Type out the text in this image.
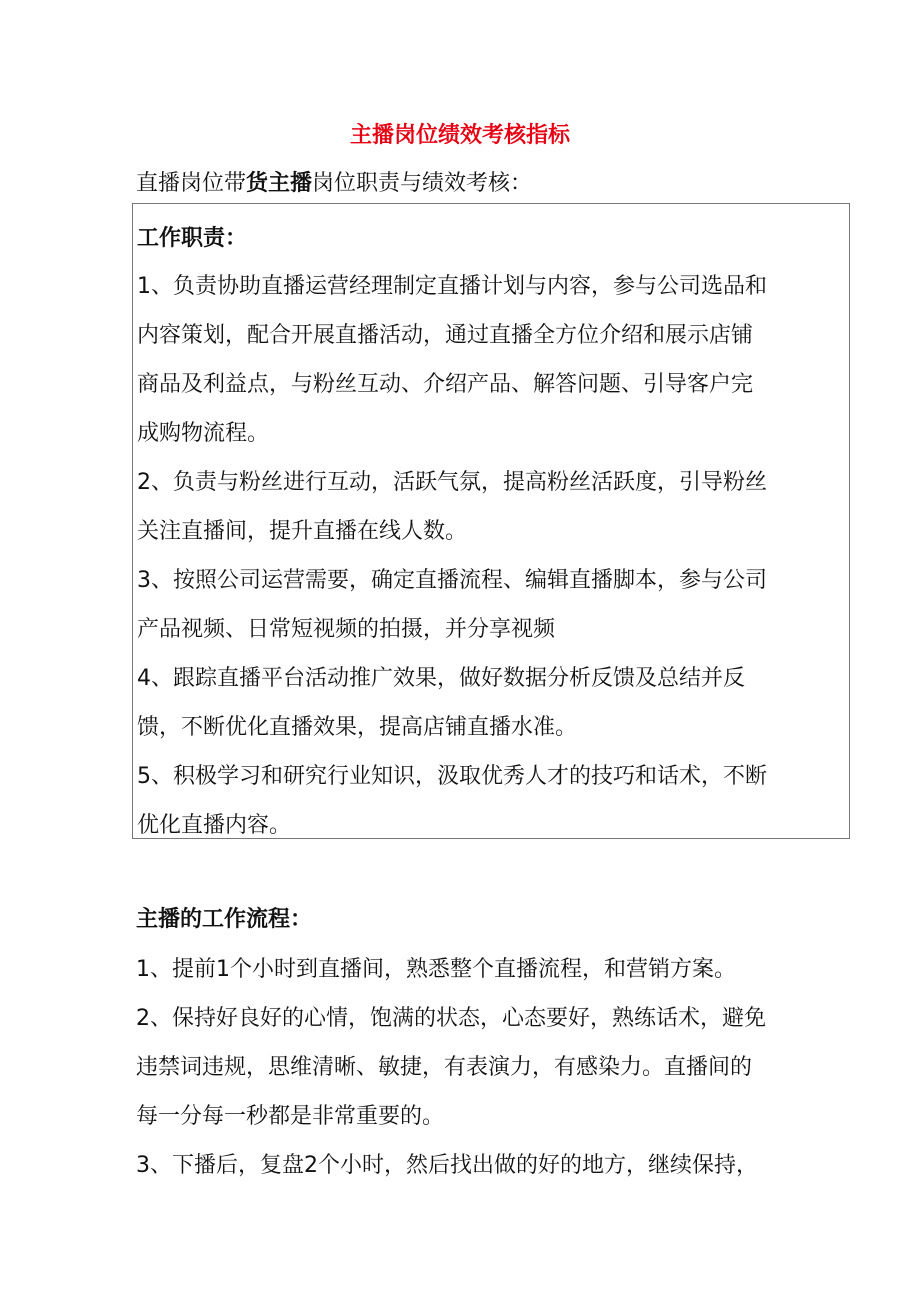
主播岗位绩效考核指标
直播岗位带货主播岗位职责与绩效考核：
工作职责：
1、负责协助直播运营经理制定直播计划与内容，参与公司选品和
内容策划，配合开展直播活动，通过直播全方位介绍和展示店铺
商品及利益点，与粉丝互动、介绍产品、解答问题、引导客户完
成购物流程。
2、负责与粉丝进行互动，活跃气氛，提高粉丝活跃度，引导粉丝
关注直播间，提升直播在线人数。
3、按照公司运营需要，确定直播流程、编辑直播脚本，参与公司
产品视频、日常短视频的拍摄，并分享视频
4、跟踪直播平台活动推广效果，做好数据分析反馈及总结并反
馈，不断优化直播效果，提高店铺直播水准。
5、积极学习和研究行业知识，汲取优秀人才的技巧和话术，不断
优化直播内容。
主播的工作流程：
1、提前1个小时到直播间，熟悉整个直播流程，和营销方案。
2、保持好良好的心情，饱满的状态，心态要好，熟练话术，避免
违禁词违规，思维清晰、敏捷，有表演力，有感染力。直播间的
每一分每一秒都是非常重要的。
3、下播后，复盘2个小时，然后找出做的好的地方，继续保持，
